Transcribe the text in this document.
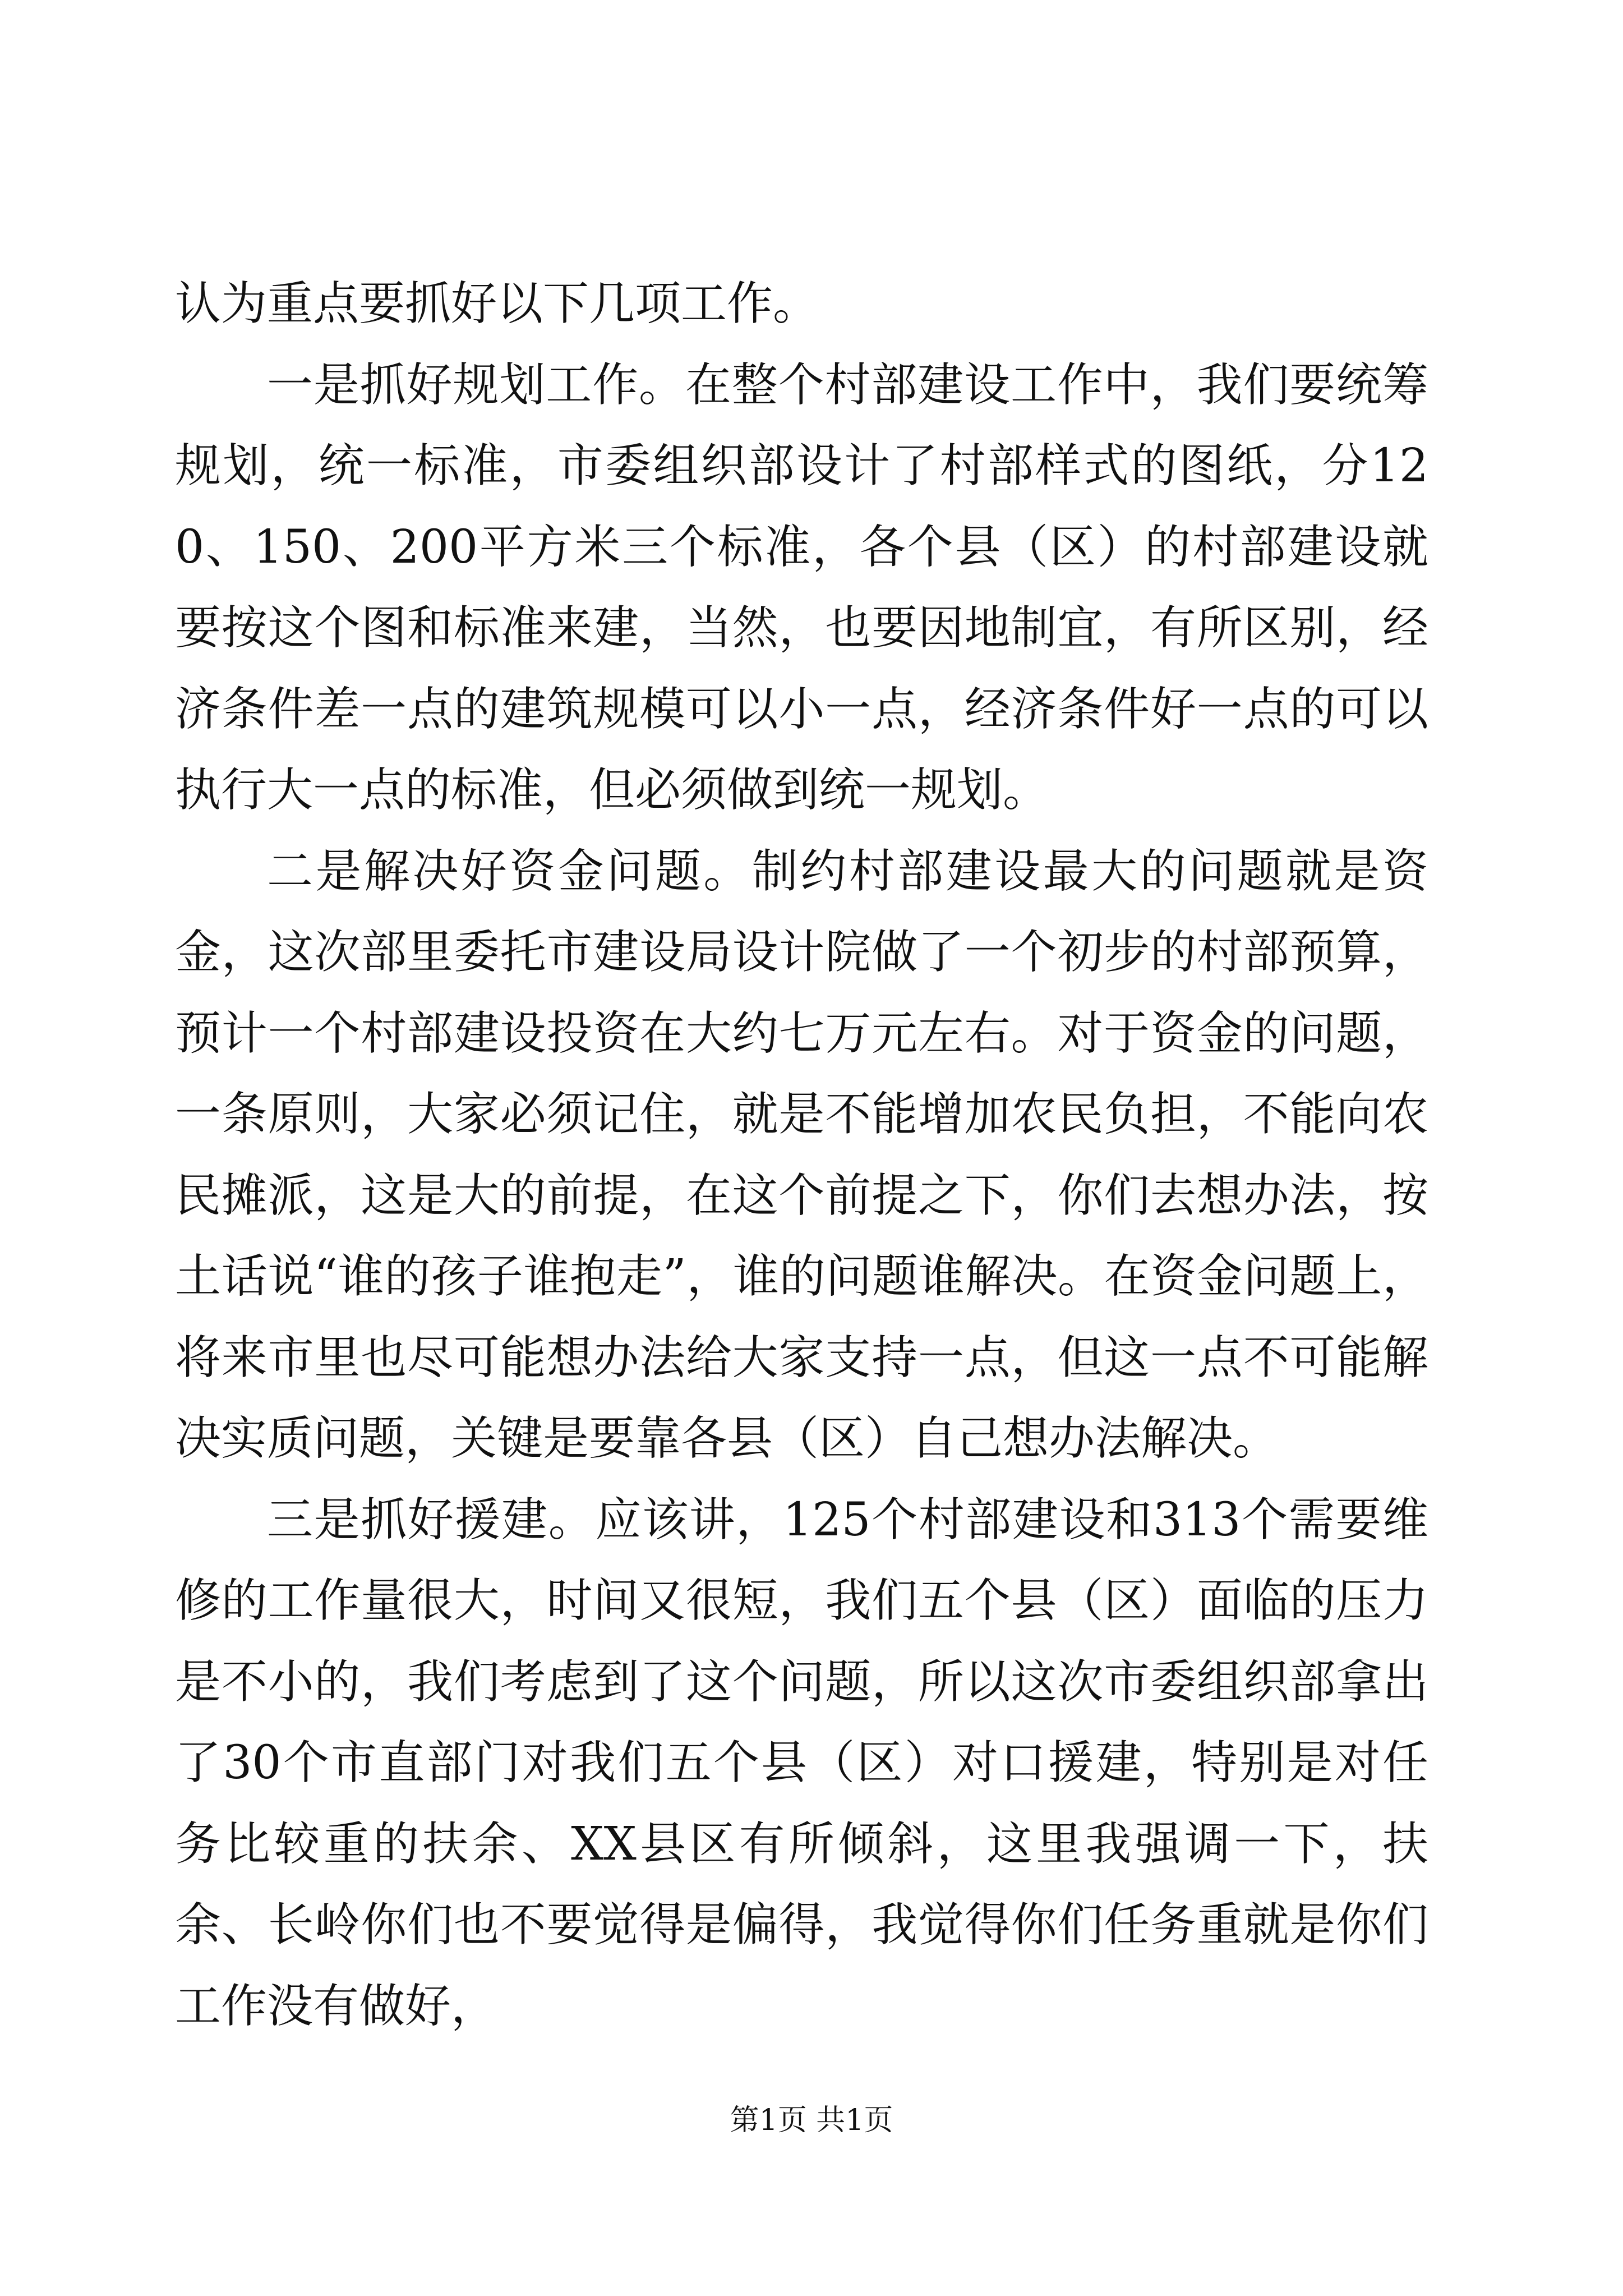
认为重点要抓好以下几项工作。

一是抓好规划工作。在整个村部建设工作中，我们要统筹规划，统一标准，市委组织部设计了村部样式的图纸，分120、150、200平方米三个标准，各个县（区）的村部建设就要按这个图和标准来建，当然，也要因地制宜，有所区别，经济条件差一点的建筑规模可以小一点，经济条件好一点的可以执行大一点的标准，但必须做到统一规划。

二是解决好资金问题。制约村部建设最大的问题就是资金，这次部里委托市建设局设计院做了一个初步的村部预算，预计一个村部建设投资在大约七万元左右。对于资金的问题，一条原则，大家必须记住，就是不能增加农民负担，不能向农民摊派，这是大的前提，在这个前提之下，你们去想办法，按土话说“谁的孩子谁抱走”，谁的问题谁解决。在资金问题上，将来市里也尽可能想办法给大家支持一点，但这一点不可能解决实质问题，关键是要靠各县（区）自己想办法解决。

三是抓好援建。应该讲，125个村部建设和313个需要维修的工作量很大，时间又很短，我们五个县（区）面临的压力是不小的，我们考虑到了这个问题，所以这次市委组织部拿出了30个市直部门对我们五个县（区）对口援建，特别是对任务比较重的扶余、XX县区有所倾斜，这里我强调一下，扶余、长岭你们也不要觉得是偏得，我觉得你们任务重就是你们工作没有做好，

第1页 共1页
